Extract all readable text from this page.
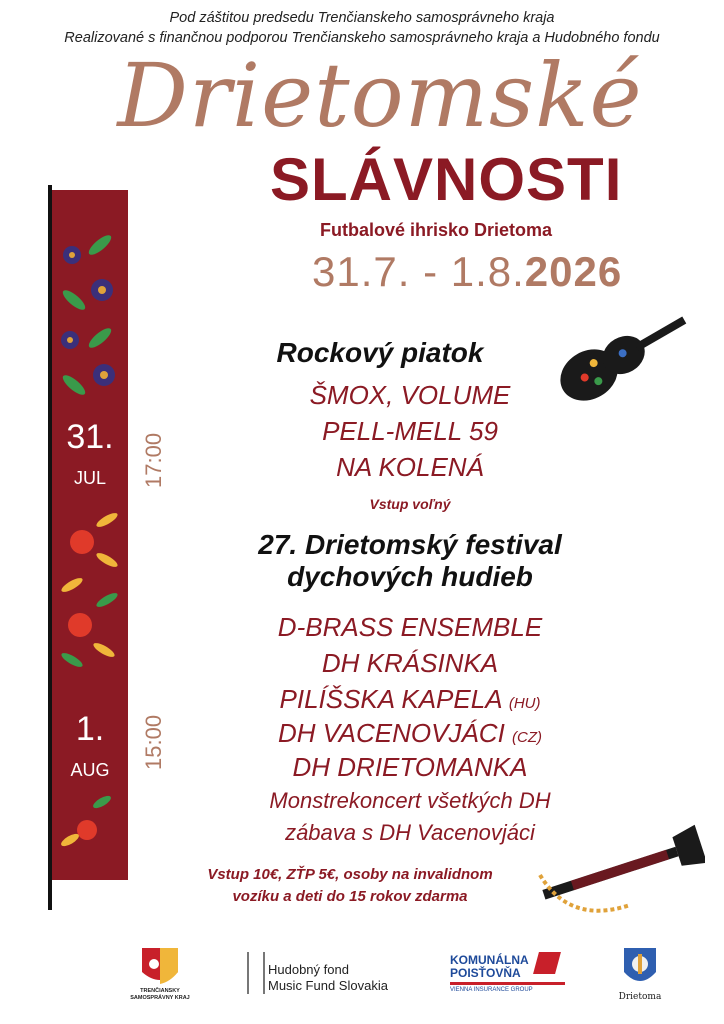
Pod záštitou predsedu Trenčianskeho samosprávneho kraja
Realizované s finančnou podporou Trenčianskeho samosprávneho kraja a Hudobného fondu
Drietomské
SLÁVNOSTI
Futbalové ihrisko Drietoma
31.7. - 1.8.2026
31.
JUL	17:00
1.
AUG	15:00
Rockový piatok
ŠMOX, VOLUME
PELL-MELL 59
NA KOLENÁ
Vstup voľný
27. Drietomský festival
dychových hudieb
D-BRASS ENSEMBLE
DH KRÁSINKA
PILÍŠSKA KAPELA (HU)
DH VACENOVJÁCI (CZ)
DH DRIETOMANKA
Monstrekoncert všetkých DH
zábava s DH Vacenovjáci
Vstup 10€, ZŤP 5€, osoby na invalidnom
vozíku a deti do 15 rokov zdarma
TRENČIANSKY SAMOSPRÁVNY KRAJ
Hudobný fond
Music Fund Slovakia
KOMUNÁLNA
POISŤOVŇA
VIENNA INSURANCE GROUP
Drietoma
